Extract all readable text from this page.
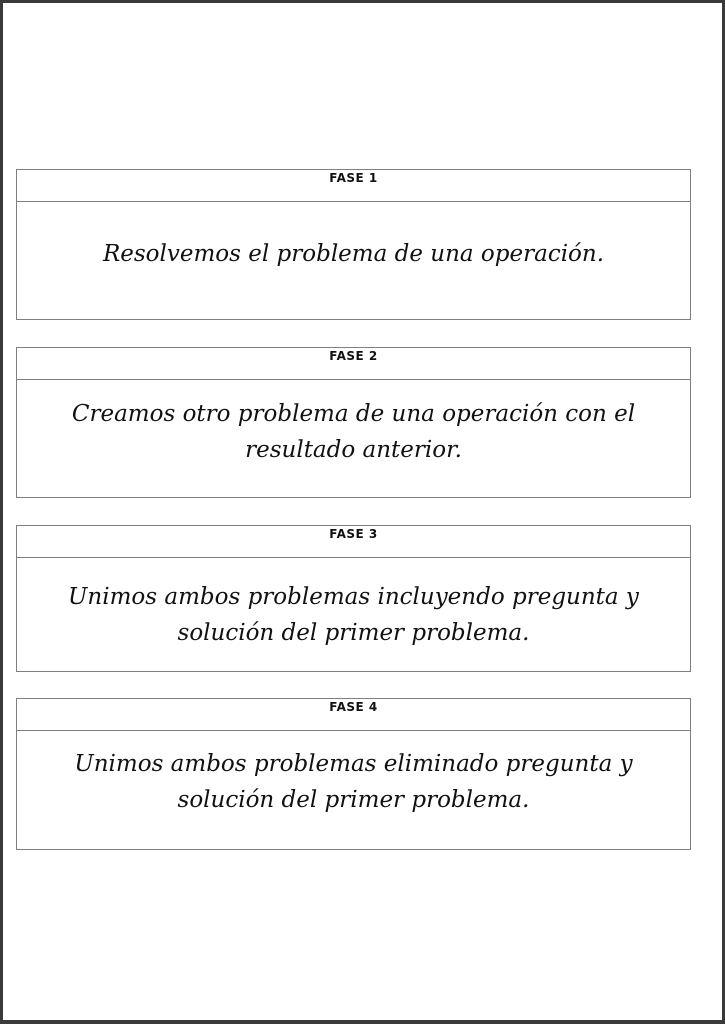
FASE 1
Resolvemos el problema de una operación.
FASE 2
Creamos otro problema de una operación con el resultado anterior.
FASE 3
Unimos ambos problemas incluyendo pregunta y solución del primer problema.
FASE 4
Unimos ambos problemas eliminado pregunta y solución del primer problema.
